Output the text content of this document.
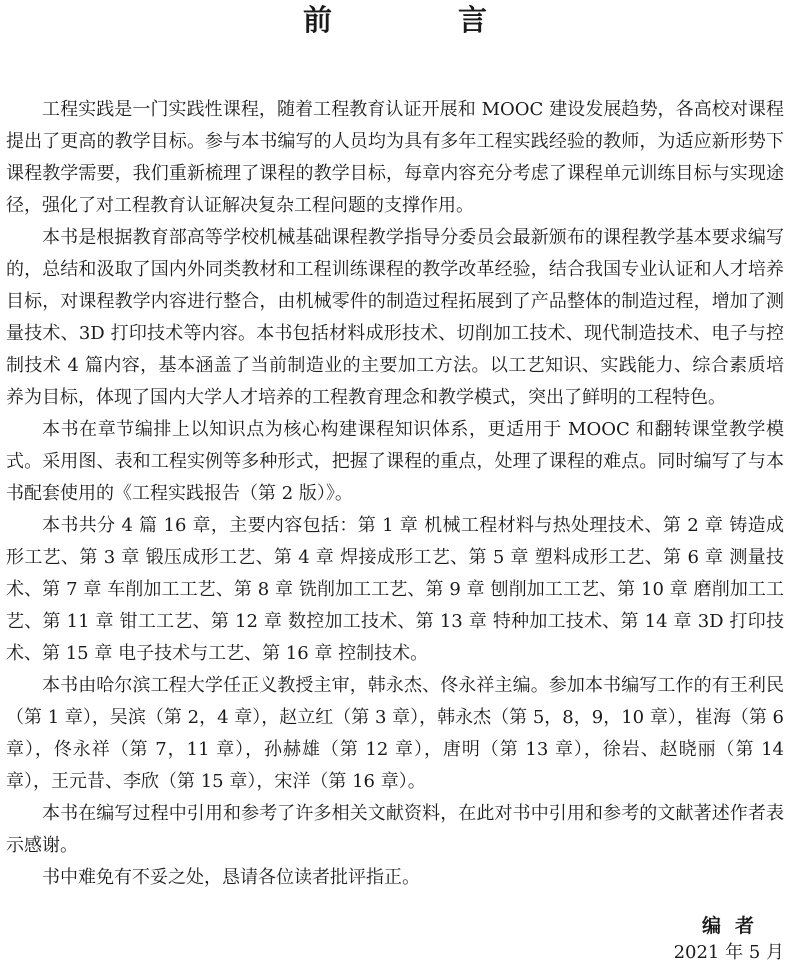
前 言

工程实践是一门实践性课程，随着工程教育认证开展和 MOOC 建设发展趋势，各高校对课程提出了更高的教学目标。参与本书编写的人员均为具有多年工程实践经验的教师，为适应新形势下课程教学需要，我们重新梳理了课程的教学目标，每章内容充分考虑了课程单元训练目标与实现途径，强化了对工程教育认证解决复杂工程问题的支撑作用。

本书是根据教育部高等学校机械基础课程教学指导分委员会最新颁布的课程教学基本要求编写的，总结和汲取了国内外同类教材和工程训练课程的教学改革经验，结合我国专业认证和人才培养目标，对课程教学内容进行整合，由机械零件的制造过程拓展到了产品整体的制造过程，增加了测量技术、3D 打印技术等内容。本书包括材料成形技术、切削加工技术、现代制造技术、电子与控制技术 4 篇内容，基本涵盖了当前制造业的主要加工方法。以工艺知识、实践能力、综合素质培养为目标，体现了国内大学人才培养的工程教育理念和教学模式，突出了鲜明的工程特色。

本书在章节编排上以知识点为核心构建课程知识体系，更适用于 MOOC 和翻转课堂教学模式。采用图、表和工程实例等多种形式，把握了课程的重点，处理了课程的难点。同时编写了与本书配套使用的《工程实践报告（第 2 版）》。

本书共分 4 篇 16 章，主要内容包括：第 1 章 机械工程材料与热处理技术、第 2 章 铸造成形工艺、第 3 章 锻压成形工艺、第 4 章 焊接成形工艺、第 5 章 塑料成形工艺、第 6 章 测量技术、第 7 章 车削加工工艺、第 8 章 铣削加工工艺、第 9 章 刨削加工工艺、第 10 章 磨削加工工艺、第 11 章 钳工工艺、第 12 章 数控加工技术、第 13 章 特种加工技术、第 14 章 3D 打印技术、第 15 章 电子技术与工艺、第 16 章 控制技术。

本书由哈尔滨工程大学任正义教授主审，韩永杰、佟永祥主编。参加本书编写工作的有王利民（第 1 章），吴滨（第 2，4 章），赵立红（第 3 章），韩永杰（第 5，8，9，10 章），崔海（第 6 章），佟永祥（第 7，11 章），孙赫雄（第 12 章），唐明（第 13 章），徐岩、赵晓丽（第 14 章），王元昔、李欣（第 15 章），宋洋（第 16 章）。

本书在编写过程中引用和参考了许多相关文献资料，在此对书中引用和参考的文献著述作者表示感谢。

书中难免有不妥之处，恳请各位读者批评指正。

编者
2021 年 5 月
